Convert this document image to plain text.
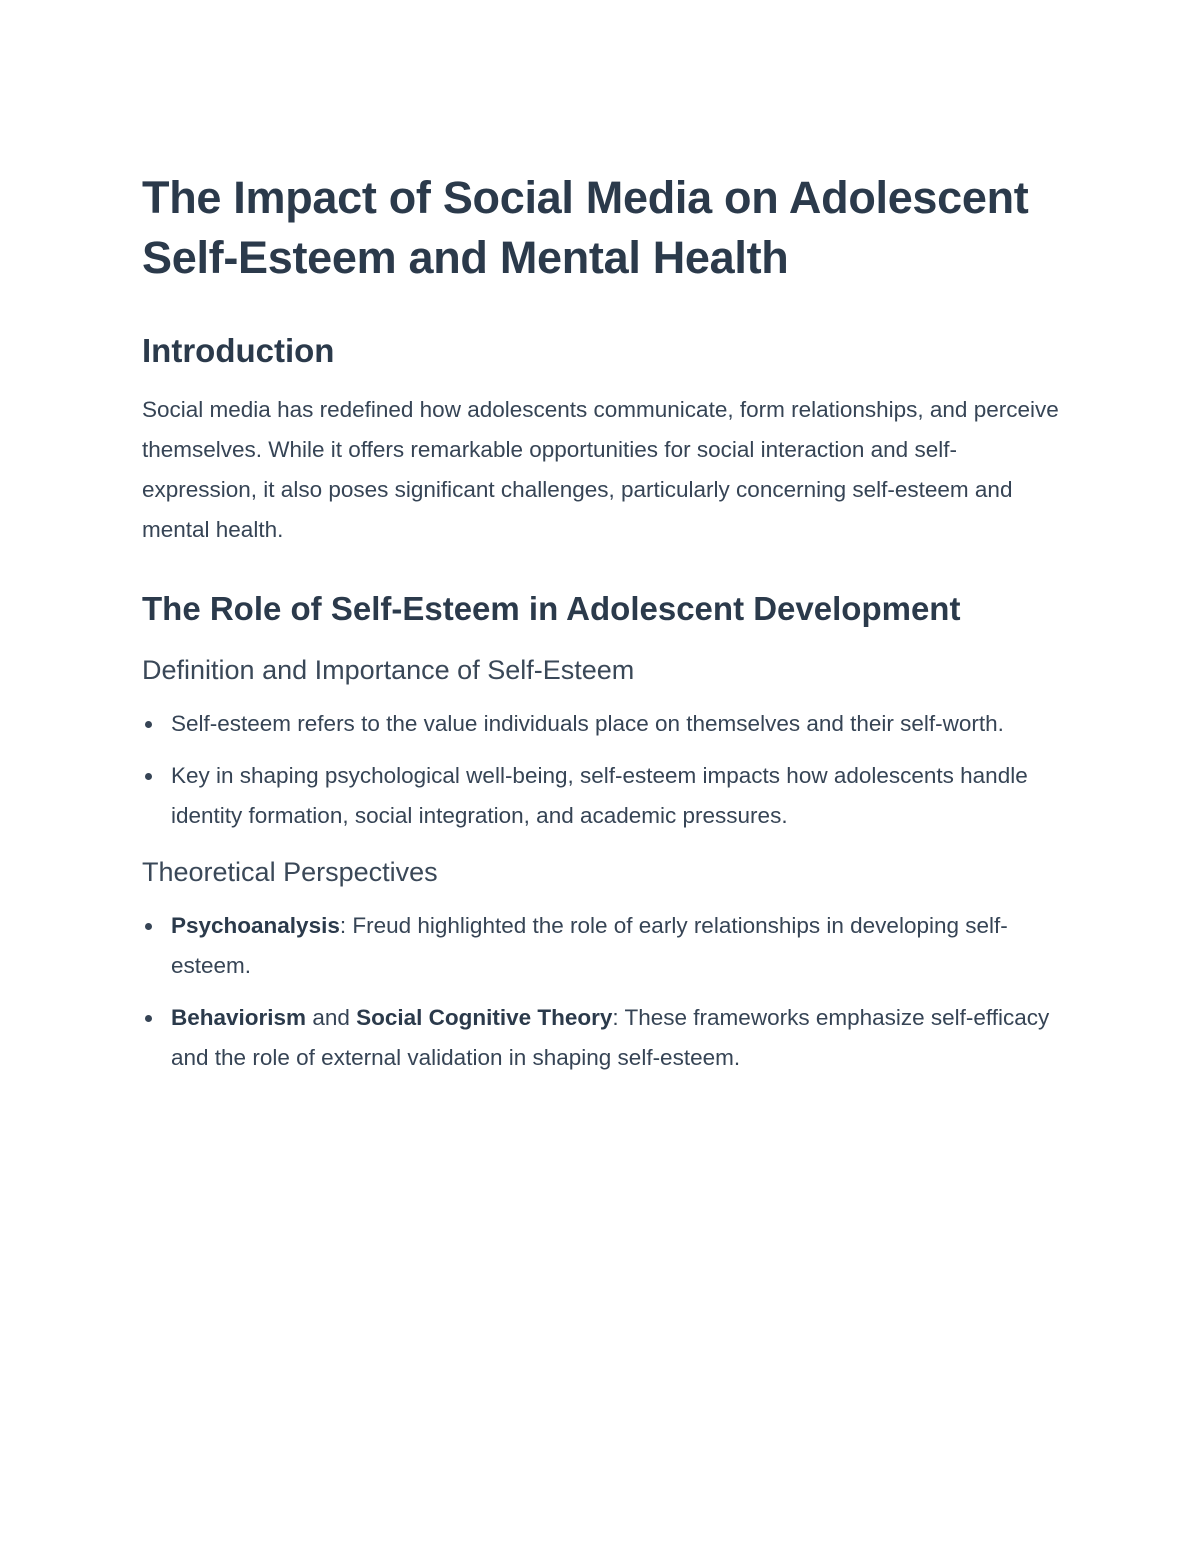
The Impact of Social Media on Adolescent Self-Esteem and Mental Health
Introduction

Social media has redefined how adolescents communicate, form relationships, and perceive themselves. While it offers remarkable opportunities for social interaction and self-expression, it also poses significant challenges, particularly concerning self-esteem and mental health.

The Role of Self-Esteem in Adolescent Development
Definition and Importance of Self-Esteem
Self-esteem refers to the value individuals place on themselves and their self-worth.
Key in shaping psychological well-being, self-esteem impacts how adolescents handle identity formation, social integration, and academic pressures.
Theoretical Perspectives
Psychoanalysis: Freud highlighted the role of early relationships in developing self-esteem.
Behaviorism and Social Cognitive Theory: These frameworks emphasize self-efficacy and the role of external validation in shaping self-esteem.
